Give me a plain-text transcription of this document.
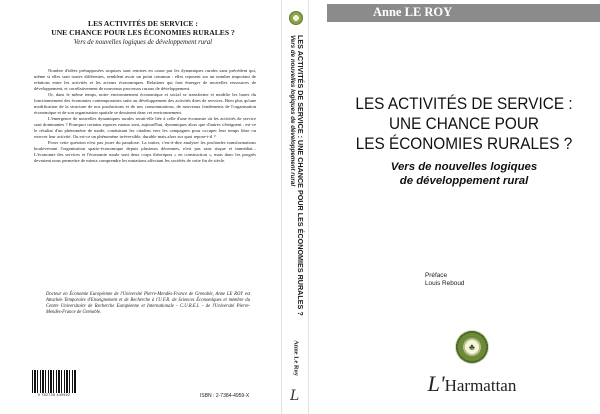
LES ACTIVITÉS DE SERVICE :
UNE CHANCE POUR LES ÉCONOMIES RURALES ?
Vers de nouvelles logiques de développement rural

Nombre d'idées présupposées acquises sont remises en cause par les dynamiques rurales sans précédent qui, même si elles sont toutes différentes, semblent avoir un point commun : elles reposent sur un nombre important de relations entre les activités et les acteurs économiques. Relations qui font émerger de nouvelles ressources de développement, et corrélativement de nouveaux processus ruraux de développement.

Or, dans le même temps, notre environnement économique et social se transforme et modifie les bases du fonctionnement des économies contemporaines suite au développement des activités dites de services. Bien plus qu'une modification de la structure de nos productions et de nos consommations, de nouveaux fondements de l'organisation économique et de son organisation spatiale se dessinent dans cet environnement.

L'émergence de nouvelles dynamiques rurales serait-elle liée à celle d'une économie où les activités de service sont dominantes ? Pourquoi certains espaces ruraux sont, aujourd'hui, dynamiques alors que d'autres s'éteignent : est-ce le résultat d'un phénomène de mode, conduisant les citadins vers les campagnes pour occuper leur temps libre ou exercer leur activité. Ou est-ce un phénomène irréversible, durable mais alors sur quoi repose-t-il ?

Poser cette question n'est pas jouer du paradoxe. La traiter, c'est-à-dire analyser les profondes transformations bouleversant l'organisation spatio-économique depuis plusieurs décennies, n'est pas sans risque et immédiat... L'économie des services et l'économie rurale sont deux corps théoriques « en construction », mais donc les progrès devraient nous permettre de mieux comprendre les mutations affectant les sociétés de cette fin de siècle.

Docteur en Économie Européenne de l'Université Pierre-Mendès-France de Grenoble, Anne LE ROY est Attachée Temporaire d'Enseignement et de Recherche à l'U.F.R. de Sciences Économiques et membre du Centre Universitaire de Recherche Européenne et Internationale - C.U.R.E.I. - de l'Université Pierre-Mendès-France de Grenoble.
9 782738 449592	ISBN : 2-7384-4959-X
LES ACTIVITÉS DE SERVICE : UNE CHANCE POUR LES ÉCONOMIES RURALES ?
Vers de nouvelles logiques de développement rural
Anne Le Roy
L
Anne LE ROY
LES ACTIVITÉS DE SERVICE :
UNE CHANCE POUR
LES ÉCONOMIES RURALES ?
Vers de nouvelles logiques
de développement rural
Préface
Louis Reboud
♣
L'Harmattan
